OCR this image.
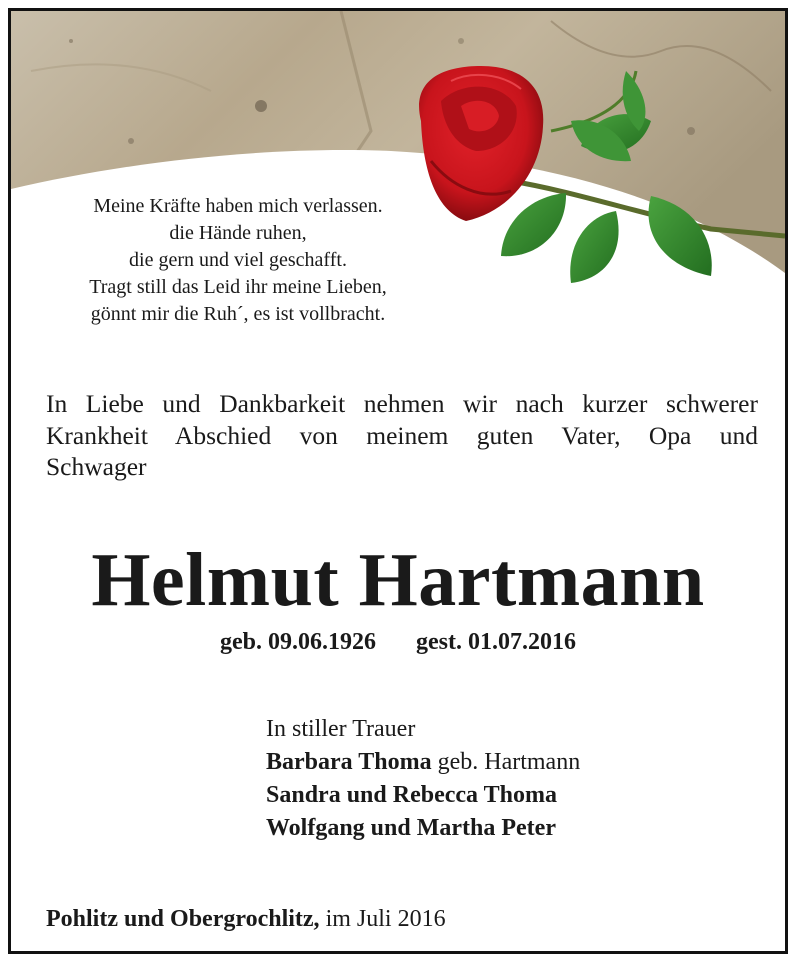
Meine Kräfte haben mich verlassen.
die Hände ruhen,
die gern und viel geschafft.
Tragt still das Leid ihr meine Lieben,
gönnt mir die Ruh´, es ist vollbracht.
In Liebe und Dankbarkeit nehmen wir nach kurzer schwerer
Krankheit Abschied von meinem guten Vater, Opa und
Schwager
Helmut Hartmann
geb. 09.06.1926 gest. 01.07.2016
In stiller Trauer
Barbara Thoma geb. Hartmann
Sandra und Rebecca Thoma
Wolfgang und Martha Peter
Pohlitz und Obergrochlitz, im Juli 2016
